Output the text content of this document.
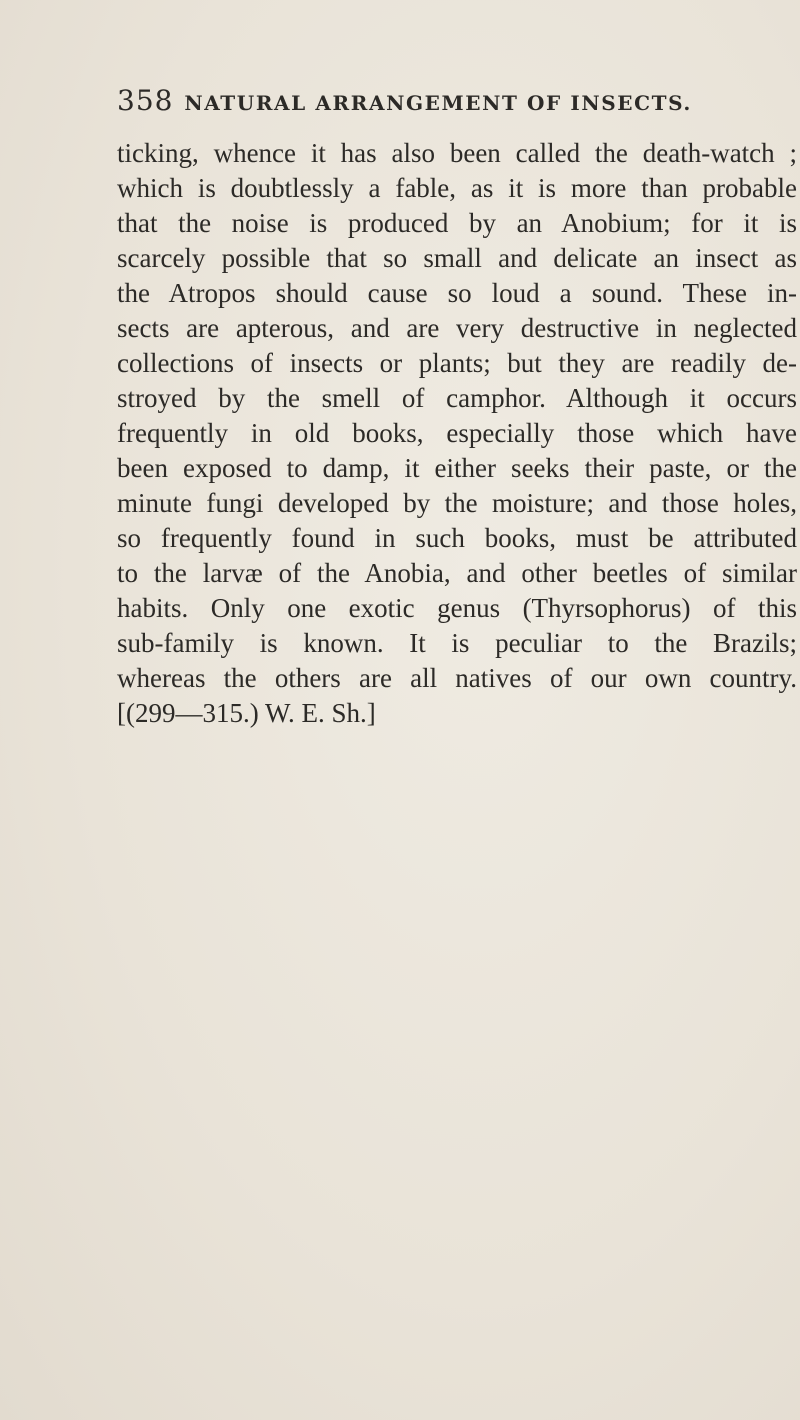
358 NATURAL ARRANGEMENT OF INSECTS.
ticking, whence it has also been called the death-watch ;
which is doubtlessly a fable, as it is more than probable
that the noise is produced by an Anobium; for it is
scarcely possible that so small and delicate an insect as
the Atropos should cause so loud a sound. These in-
sects are apterous, and are very destructive in neglected
collections of insects or plants; but they are readily de-
stroyed by the smell of camphor. Although it occurs
frequently in old books, especially those which have
been exposed to damp, it either seeks their paste, or the
minute fungi developed by the moisture; and those holes,
so frequently found in such books, must be attributed
to the larvæ of the Anobia, and other beetles of similar
habits. Only one exotic genus (Thyrsophorus) of this
sub-family is known. It is peculiar to the Brazils;
whereas the others are all natives of our own country.
[(299—315.) W. E. Sh.]
